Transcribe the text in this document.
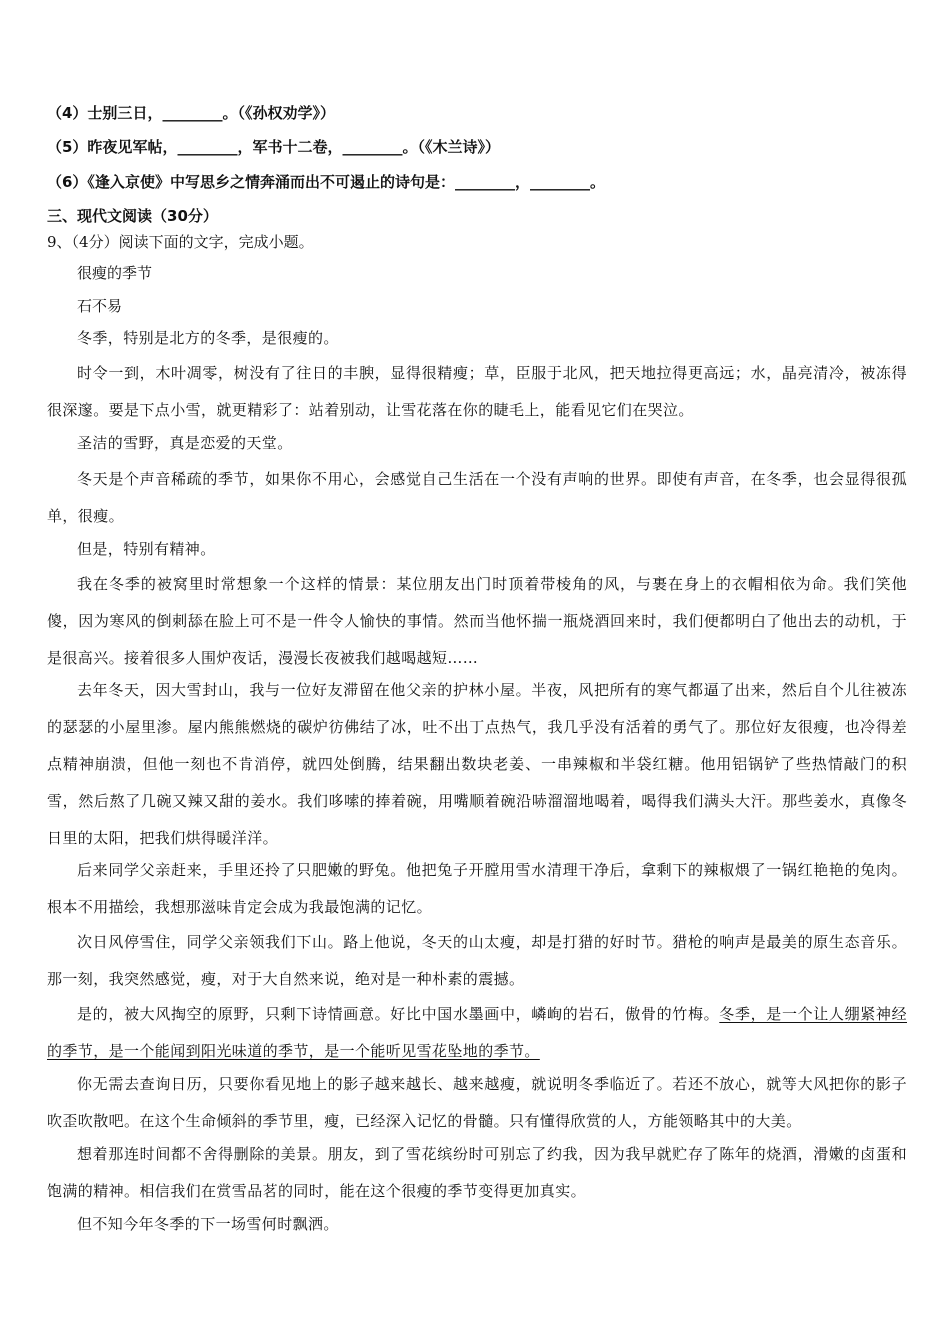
（4）士别三日，________。（《孙权劝学》）
（5）昨夜见军帖，________，军书十二卷，________。（《木兰诗》）
（6）《逢入京使》中写思乡之情奔涌而出不可遏止的诗句是：________，________。
三、现代文阅读（30分）
9、（4分）阅读下面的文字，完成小题。
很瘦的季节
石不易
冬季，特别是北方的冬季，是很瘦的。
时令一到，木叶凋零，树没有了往日的丰腴，显得很精瘦；草，臣服于北风，把天地拉得更高远；水，晶亮清冷，被冻得很深邃。要是下点小雪，就更精彩了：站着别动，让雪花落在你的睫毛上，能看见它们在哭泣。
圣洁的雪野，真是恋爱的天堂。
冬天是个声音稀疏的季节，如果你不用心，会感觉自己生活在一个没有声响的世界。即使有声音，在冬季，也会显得很孤单，很瘦。
但是，特别有精神。
我在冬季的被窝里时常想象一个这样的情景：某位朋友出门时顶着带棱角的风，与裹在身上的衣帽相依为命。我们笑他傻，因为寒风的倒刺舔在脸上可不是一件令人愉快的事情。然而当他怀揣一瓶烧酒回来时，我们便都明白了他出去的动机，于是很高兴。接着很多人围炉夜话，漫漫长夜被我们越喝越短……
去年冬天，因大雪封山，我与一位好友滞留在他父亲的护林小屋。半夜，风把所有的寒气都逼了出来，然后自个儿往被冻的瑟瑟的小屋里渗。屋内熊熊燃烧的碳炉彷佛结了冰，吐不出丁点热气，我几乎没有活着的勇气了。那位好友很瘦，也冷得差点精神崩溃，但他一刻也不肯消停，就四处倒腾，结果翻出数块老姜、一串辣椒和半袋红糖。他用铝锅铲了些热情敲门的积雪，然后熬了几碗又辣又甜的姜水。我们哆嗦的捧着碗，用嘴顺着碗沿哧溜溜地喝着，喝得我们满头大汗。那些姜水，真像冬日里的太阳，把我们烘得暖洋洋。
后来同学父亲赶来，手里还拎了只肥嫩的野兔。他把兔子开膛用雪水清理干净后，拿剩下的辣椒煨了一锅红艳艳的兔肉。根本不用描绘，我想那滋味肯定会成为我最饱满的记忆。
次日风停雪住，同学父亲领我们下山。路上他说，冬天的山太瘦，却是打猎的好时节。猎枪的响声是最美的原生态音乐。那一刻，我突然感觉，瘦，对于大自然来说，绝对是一种朴素的震撼。
是的，被大风掏空的原野，只剩下诗情画意。好比中国水墨画中，嶙峋的岩石，傲骨的竹梅。冬季，是一个让人绷紧神经的季节，是一个能闻到阳光味道的季节，是一个能听见雪花坠地的季节。
你无需去查询日历，只要你看见地上的影子越来越长、越来越瘦，就说明冬季临近了。若还不放心，就等大风把你的影子吹歪吹散吧。在这个生命倾斜的季节里，瘦，已经深入记忆的骨髓。只有懂得欣赏的人，方能领略其中的大美。
想着那连时间都不舍得删除的美景。朋友，到了雪花缤纷时可别忘了约我，因为我早就贮存了陈年的烧酒，滑嫩的卤蛋和饱满的精神。相信我们在赏雪品茗的同时，能在这个很瘦的季节变得更加真实。
但不知今年冬季的下一场雪何时飘洒。
